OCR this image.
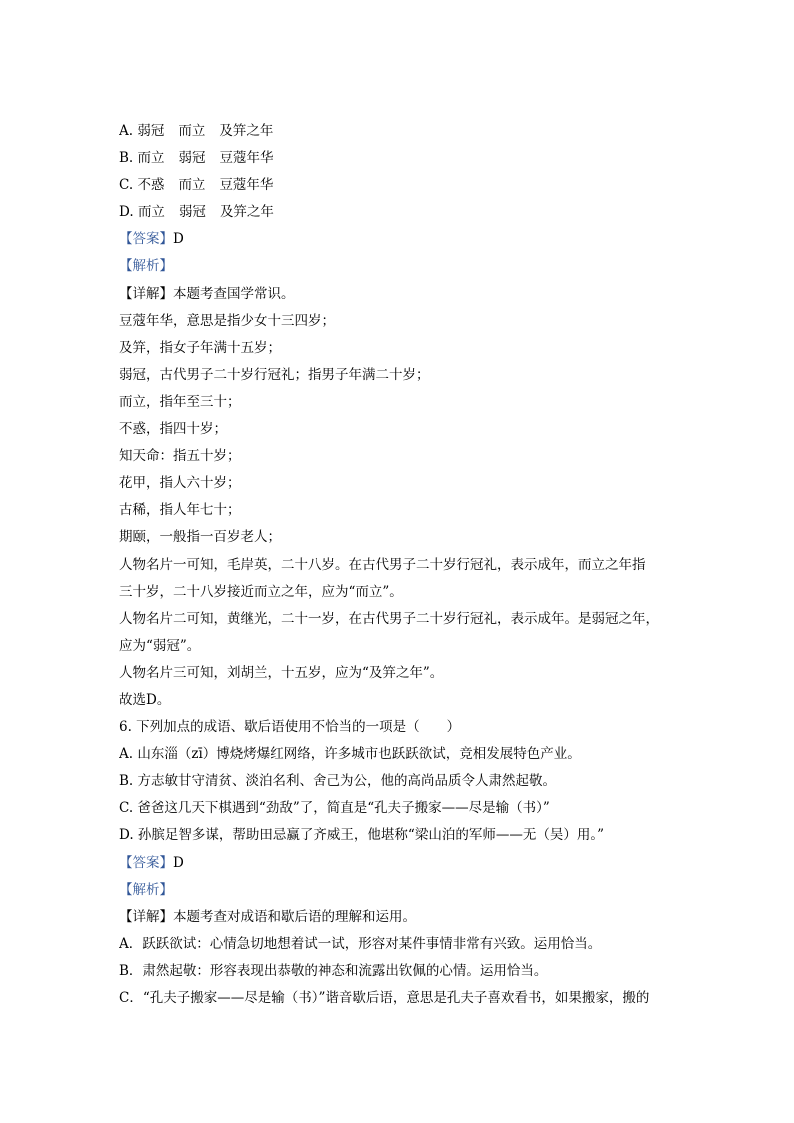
A. 弱冠 而立 及笄之年
B. 而立 弱冠 豆蔻年华
C. 不惑 而立 豆蔻年华
D. 而立 弱冠 及笄之年
【答案】D
【解析】
【详解】本题考查国学常识。
豆蔻年华，意思是指少女十三四岁；
及笄，指女子年满十五岁；
弱冠，古代男子二十岁行冠礼；指男子年满二十岁；
而立，指年至三十；
不惑，指四十岁；
知天命：指五十岁；
花甲，指人六十岁；
古稀，指人年七十；
期颐，一般指一百岁老人；
人物名片一可知，毛岸英，二十八岁。在古代男子二十岁行冠礼，表示成年，而立之年指
三十岁，二十八岁接近而立之年，应为“而立”。
人物名片二可知，黄继光，二十一岁，在古代男子二十岁行冠礼，表示成年。是弱冠之年，
应为“弱冠”。
人物名片三可知，刘胡兰，十五岁，应为“及笄之年”。
故选D。
6. 下列加点的成语、歇后语使用不恰当的一项是（　　）
A. 山东淄（zī）博烧烤爆红网络，许多城市也跃跃欲试，竞相发展特色产业。
B. 方志敏甘守清贫、淡泊名利、舍己为公，他的高尚品质令人肃然起敬。
C. 爸爸这几天下棋遇到“劲敌”了，简直是“孔夫子搬家——尽是输（书）”
D. 孙膑足智多谋，帮助田忌赢了齐威王，他堪称“梁山泊的军师——无（吴）用。”
【答案】D
【解析】
【详解】本题考查对成语和歇后语的理解和运用。
A．跃跃欲试：心情急切地想着试一试，形容对某件事情非常有兴致。运用恰当。
B．肃然起敬：形容表现出恭敬的神态和流露出钦佩的心情。运用恰当。
C．“孔夫子搬家——尽是输（书）”谐音歇后语，意思是孔夫子喜欢看书，如果搬家，搬的
